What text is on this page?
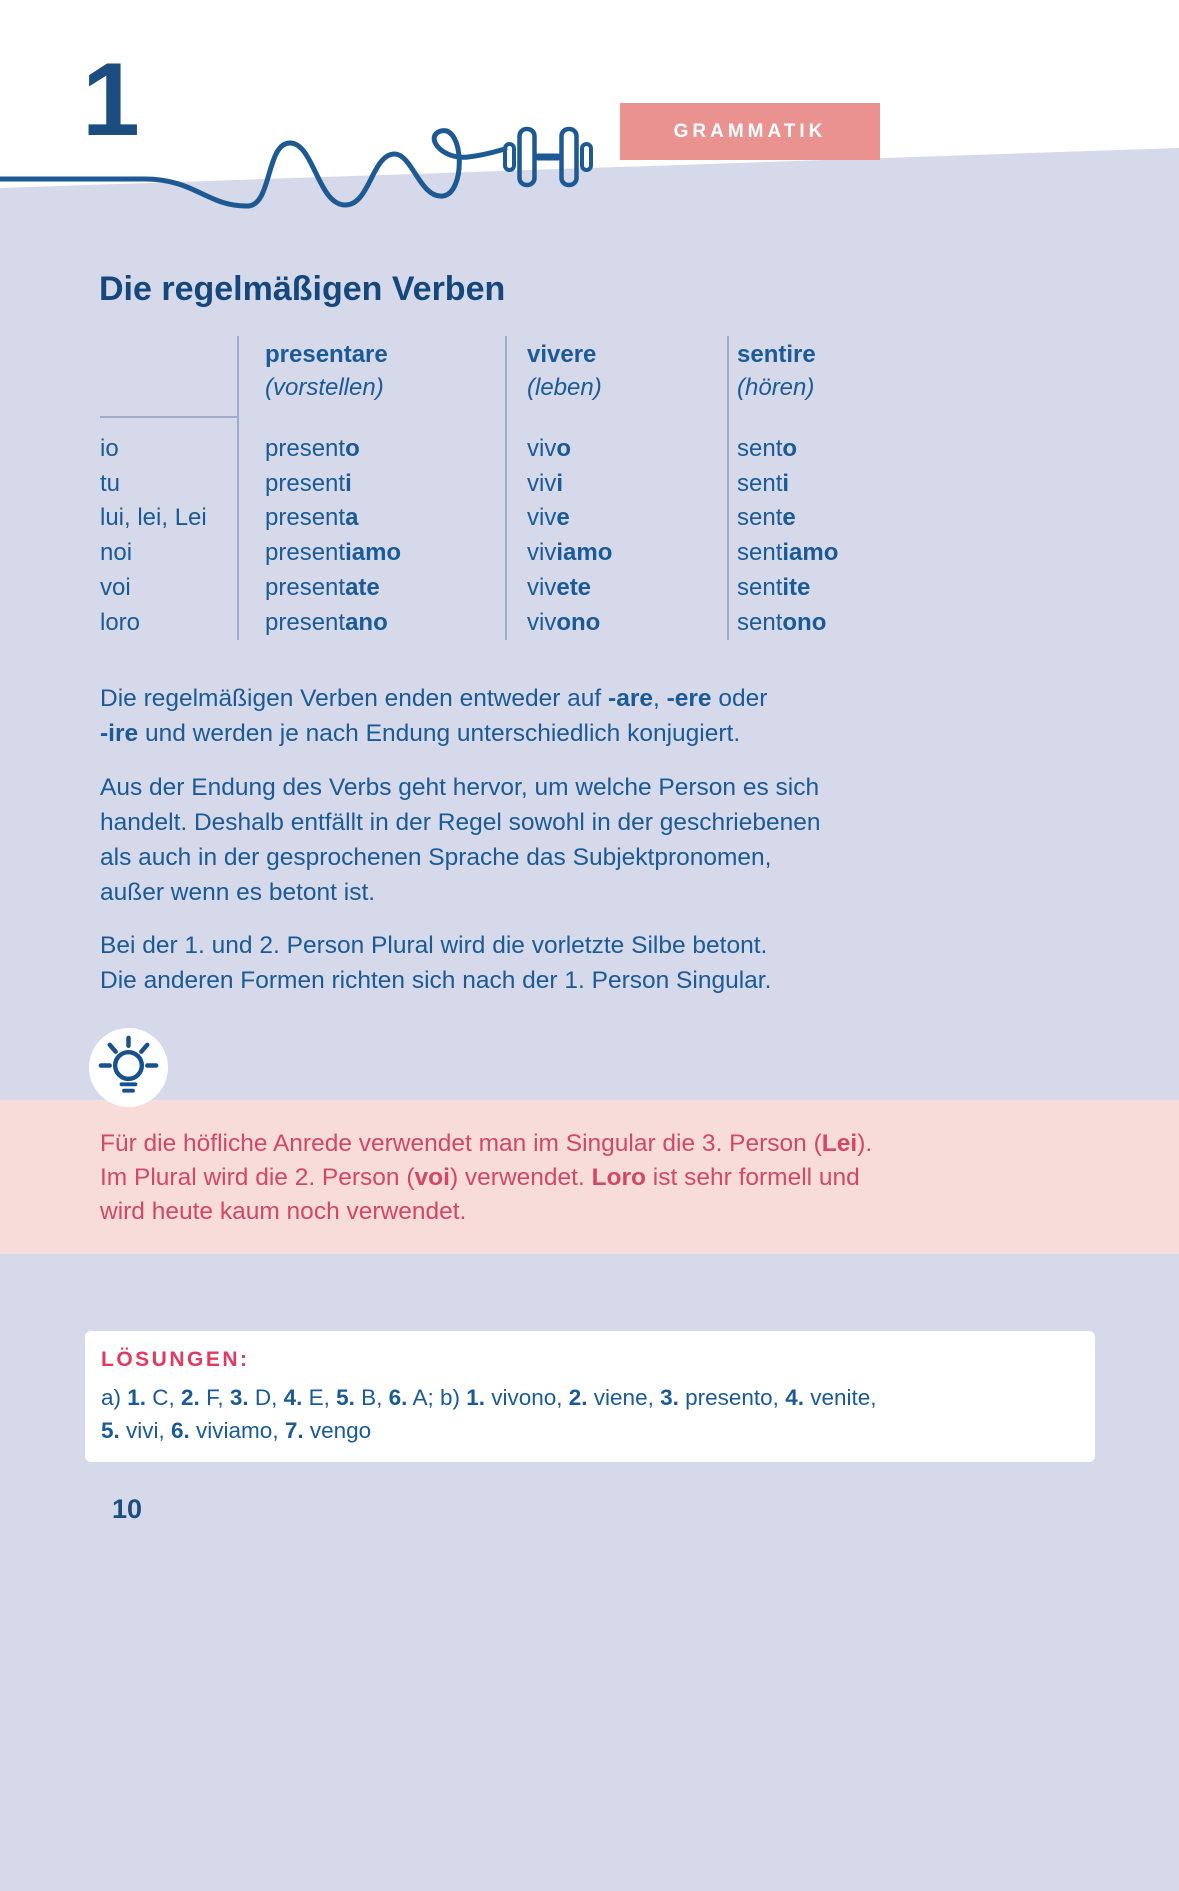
1	GRAMMATIK
Die regelmäßigen Verben
presentare
(vorstellen)
vivere
(leben)
sentire
(hören)
io
tu
lui, lei, Lei
noi
voi
loro
presento
presenti
presenta
presentiamo
presentate
presentano
vivo
vivi
vive
viviamo
vivete
vivono
sento
senti
sente
sentiamo
sentite
sentono
Die regelmäßigen Verben enden entweder auf -are, -ere oder
-ire und werden je nach Endung unterschiedlich konjugiert.
Aus der Endung des Verbs geht hervor, um welche Person es sich
handelt. Deshalb entfällt in der Regel sowohl in der geschriebenen
als auch in der gesprochenen Sprache das Subjektpronomen,
außer wenn es betont ist.
Bei der 1. und 2. Person Plural wird die vorletzte Silbe betont.
Die anderen Formen richten sich nach der 1. Person Singular.
Für die höfliche Anrede verwendet man im Singular die 3. Person (Lei).
Im Plural wird die 2. Person (voi) verwendet. Loro ist sehr formell und
wird heute kaum noch verwendet.
LÖSUNGEN:
a) 1. C, 2. F, 3. D, 4. E, 5. B, 6. A; b) 1. vivono, 2. viene, 3. presento, 4. venite,
5. vivi, 6. viviamo, 7. vengo
10
